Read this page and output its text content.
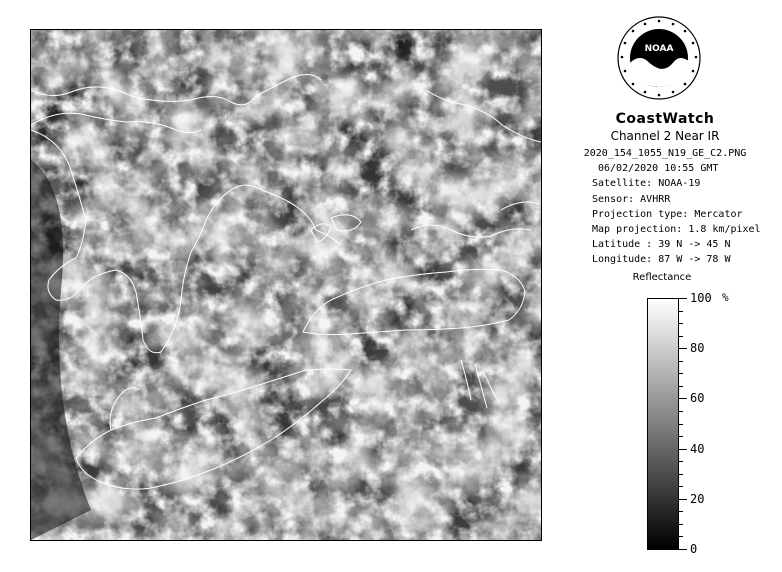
NOAA
CoastWatch
Channel 2 Near IR
2020_154_1055_N19_GE_C2.PNG
06/02/2020 10:55 GMT
Satellite: NOAA-19
Sensor: AVHRR
Projection type: Mercator
Map projection: 1.8 km/pixel
Latitude : 39 N -> 45 N
Longitude: 87 W -> 78 W
Reflectance
%
0
20
40
60
80
100
